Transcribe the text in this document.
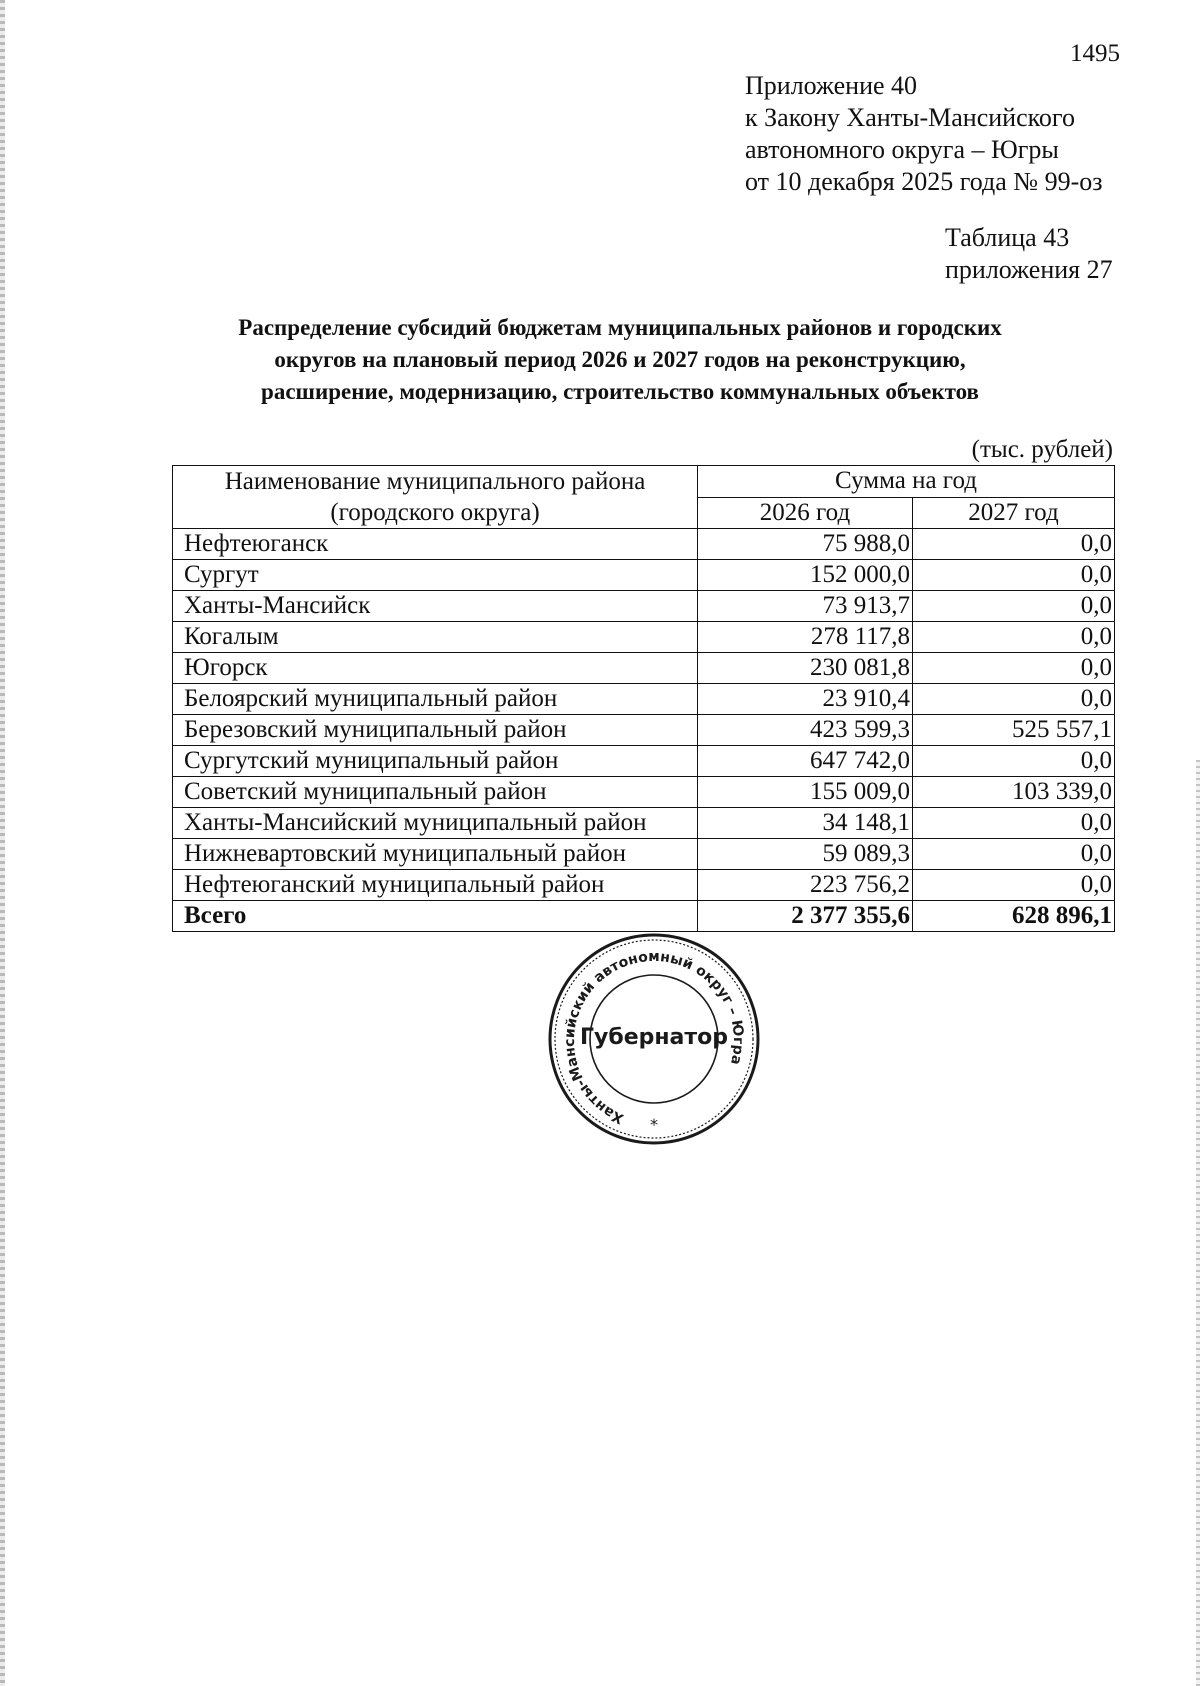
1495
Приложение 40
к Закону Ханты-Мансийского
автономного округа – Югры
от 10 декабря 2025 года № 99-оз
Таблица 43
приложения 27
Распределение субсидий бюджетам муниципальных районов и городских
округов на плановый период 2026 и 2027 годов на реконструкцию,
расширение, модернизацию, строительство коммунальных объектов
(тыс. рублей)
Наименование муниципального района
(городского округа)	Сумма на год	
	2026 год	2027 год
Нефтеюганск	75 988,0	0,0
Сургут	152 000,0	0,0
Ханты-Мансийск	73 913,7	0,0
Когалым	278 117,8	0,0
Югорск	230 081,8	0,0
Белоярский муниципальный район	23 910,4	0,0
Березовский муниципальный район	423 599,3	525 557,1
Сургутский муниципальный район	647 742,0	0,0
Советский муниципальный район	155 009,0	103 339,0
Ханты-Мансийский муниципальный район	34 148,1	0,0
Нижневартовский муниципальный район	59 089,3	0,0
Нефтеюганский муниципальный район	223 756,2	0,0
Всего	2 377 355,6	628 896,1
Ханты-Мансийский автономный округ – Югра
Губернатор
*
